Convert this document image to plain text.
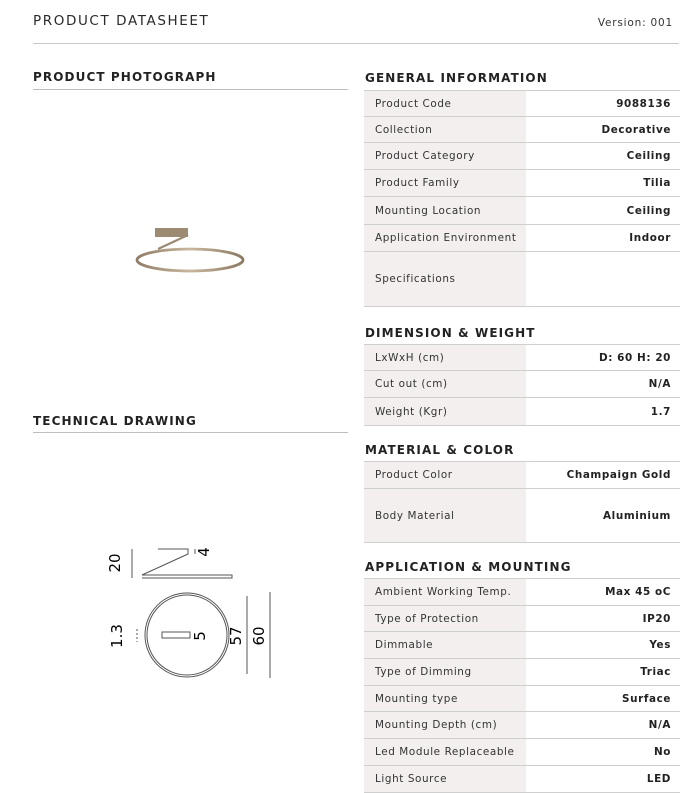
PRODUCT DATASHEET	Version: 001
PRODUCT PHOTOGRAPH
TECHNICAL DRAWING
20
4
1.3	5 57 60
GENERAL INFORMATION
Product Code	9088136
Collection	Decorative
Product Category	Ceiling
Product Family	Tilia
Mounting Location	Ceiling
Application Environment	Indoor
Specifications
DIMENSION & WEIGHT
LxWxH (cm)	D: 60 H: 20
Cut out (cm)	N/A
Weight (Kgr)	1.7
MATERIAL & COLOR
Product Color	Champaign Gold
Body Material	Aluminium
APPLICATION & MOUNTING
Ambient Working Temp.	Max 45 oC
Type of Protection	IP20
Dimmable	Yes
Type of Dimming	Triac
Mounting type	Surface
Mounting Depth (cm)	N/A
Led Module Replaceable	No
Light Source	LED
